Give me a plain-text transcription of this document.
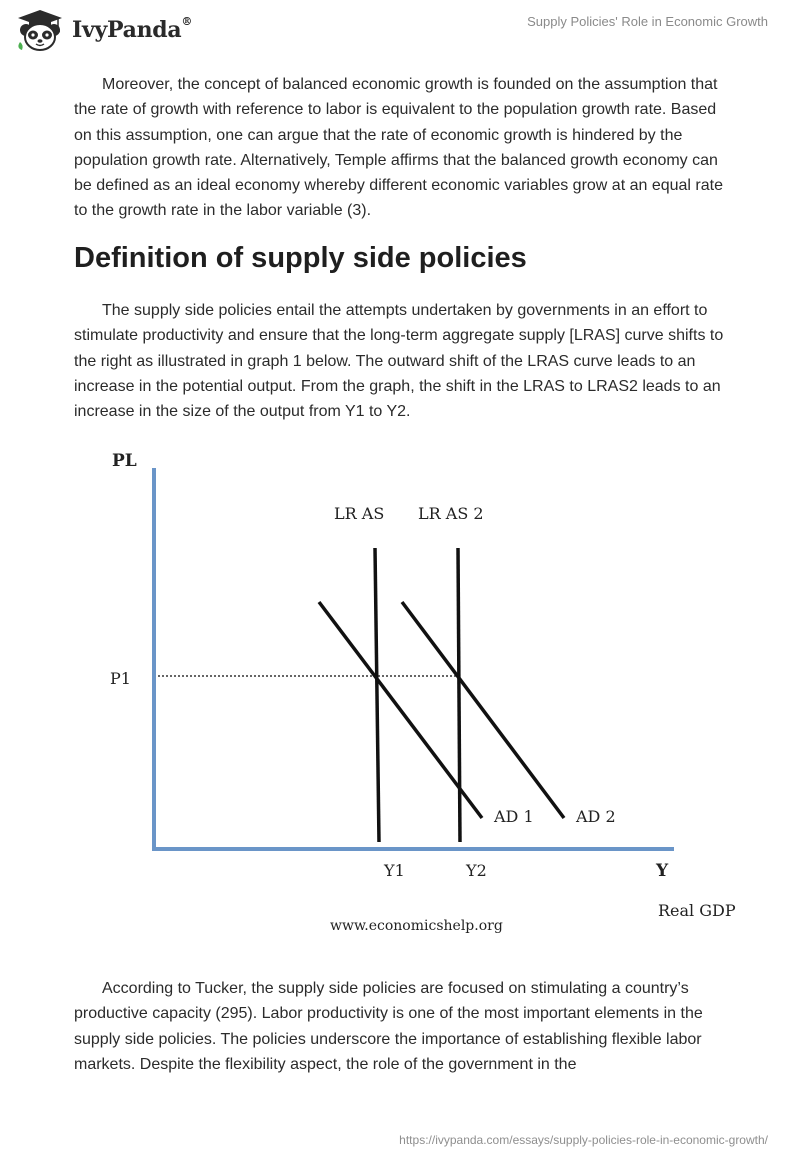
IvyPanda®	Supply Policies' Role in Economic Growth

Moreover, the concept of balanced economic growth is founded on the assumption that the rate of growth with reference to labor is equivalent to the population growth rate. Based on this assumption, one can argue that the rate of economic growth is hindered by the population growth rate. Alternatively, Temple affirms that the balanced growth economy can be defined as an ideal economy whereby different economic variables grow at an equal rate to the growth rate in the labor variable (3).

Definition of supply side policies

The supply side policies entail the attempts undertaken by governments in an effort to stimulate productivity and ensure that the long-term aggregate supply [LRAS] curve shifts to the right as illustrated in graph 1 below. The outward shift of the LRAS curve leads to an increase in the potential output. From the graph, the shift in the LRAS to LRAS2 leads to an increase in the size of the output from Y1 to Y2.

PL
P1
LR AS LR AS 2
AD 1	AD 2
Y1	Y2	Y
Real GDP
www.economicshelp.org

According to Tucker, the supply side policies are focused on stimulating a country’s productive capacity (295). Labor productivity is one of the most important elements in the supply side policies. The policies underscore the importance of establishing flexible labor markets. Despite the flexibility aspect, the role of the government in the

https://ivypanda.com/essays/supply-policies-role-in-economic-growth/
